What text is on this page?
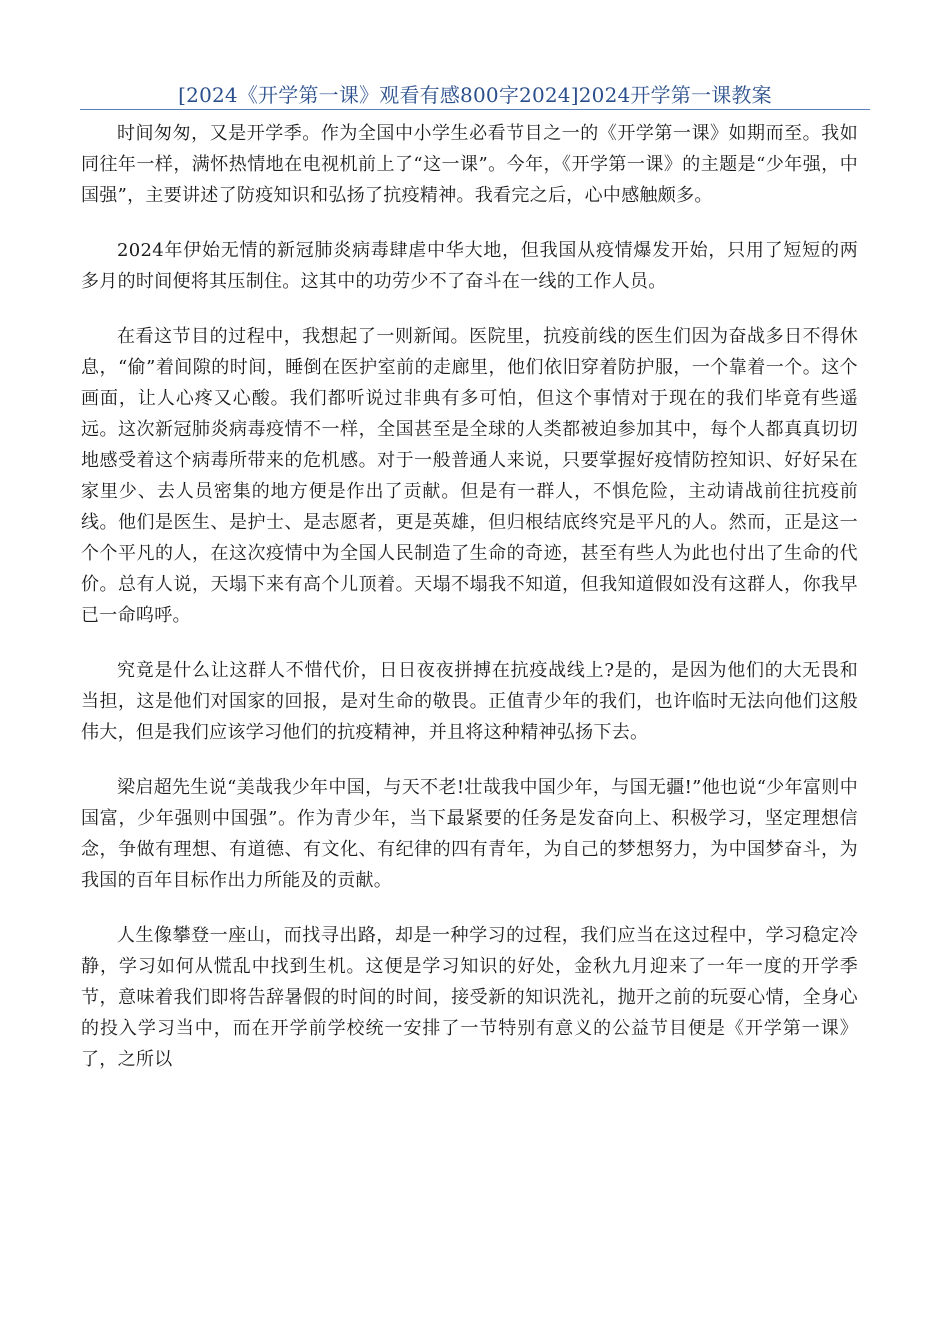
[2024《开学第一课》观看有感800字2024]2024开学第一课教案

时间匆匆，又是开学季。作为全国中小学生必看节目之一的《开学第一课》如期而至。我如同往年一样，满怀热情地在电视机前上了“这一课”。今年，《开学第一课》的主题是“少年强，中国强”，主要讲述了防疫知识和弘扬了抗疫精神。我看完之后，心中感触颇多。

2024年伊始无情的新冠肺炎病毒肆虐中华大地，但我国从疫情爆发开始，只用了短短的两多月的时间便将其压制住。这其中的功劳少不了奋斗在一线的工作人员。

在看这节目的过程中，我想起了一则新闻。医院里，抗疫前线的医生们因为奋战多日不得休息，“偷”着间隙的时间，睡倒在医护室前的走廊里，他们依旧穿着防护服，一个靠着一个。这个画面，让人心疼又心酸。我们都听说过非典有多可怕，但这个事情对于现在的我们毕竟有些遥远。这次新冠肺炎病毒疫情不一样，全国甚至是全球的人类都被迫参加其中，每个人都真真切切地感受着这个病毒所带来的危机感。对于一般普通人来说，只要掌握好疫情防控知识、好好呆在家里少、去人员密集的地方便是作出了贡献。但是有一群人，不惧危险，主动请战前往抗疫前线。他们是医生、是护士、是志愿者，更是英雄，但归根结底终究是平凡的人。然而，正是这一个个平凡的人，在这次疫情中为全国人民制造了生命的奇迹，甚至有些人为此也付出了生命的代价。总有人说，天塌下来有高个儿顶着。天塌不塌我不知道，但我知道假如没有这群人，你我早已一命呜呼。

究竟是什么让这群人不惜代价，日日夜夜拼搏在抗疫战线上?是的，是因为他们的大无畏和当担，这是他们对国家的回报，是对生命的敬畏。正值青少年的我们，也许临时无法向他们这般伟大，但是我们应该学习他们的抗疫精神，并且将这种精神弘扬下去。

梁启超先生说“美哉我少年中国，与天不老!壮哉我中国少年，与国无疆!”他也说“少年富则中国富，少年强则中国强”。作为青少年，当下最紧要的任务是发奋向上、积极学习，坚定理想信念，争做有理想、有道德、有文化、有纪律的四有青年，为自己的梦想努力，为中国梦奋斗，为我国的百年目标作出力所能及的贡献。

人生像攀登一座山，而找寻出路，却是一种学习的过程，我们应当在这过程中，学习稳定冷静，学习如何从慌乱中找到生机。这便是学习知识的好处，金秋九月迎来了一年一度的开学季节，意味着我们即将告辞暑假的时间的时间，接受新的知识洗礼，抛开之前的玩耍心情，全身心的投入学习当中，而在开学前学校统一安排了一节特别有意义的公益节目便是《开学第一课》了，之所以
